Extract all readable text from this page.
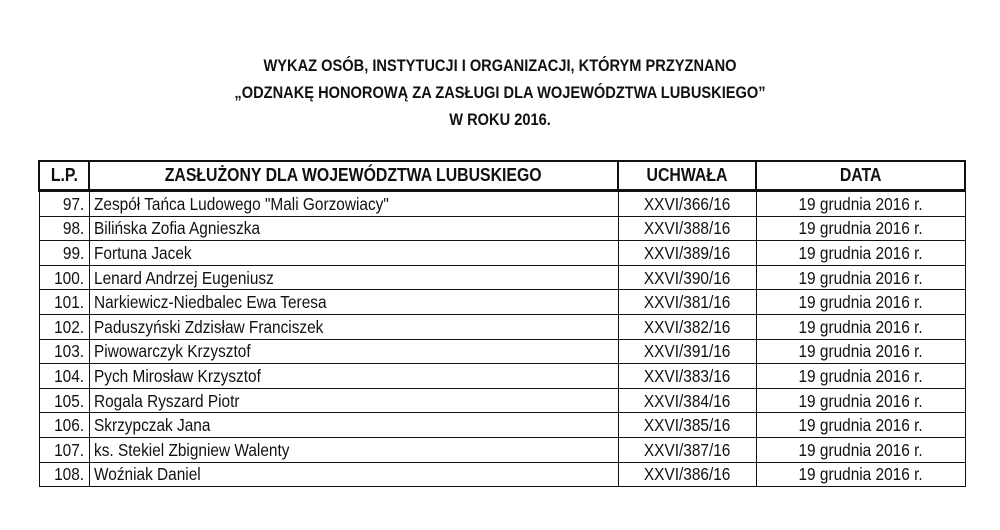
WYKAZ OSÓB, INSTYTUCJI I ORGANIZACJI, KTÓRYM PRZYZNANO
„ODZNAKĘ HONOROWĄ ZA ZASŁUGI DLA WOJEWÓDZTWA LUBUSKIEGO”
W ROKU 2016.
L.P.	ZASŁUŻONY DLA WOJEWÓDZTWA LUBUSKIEGO	UCHWAŁA	DATA
97.	Zespół Tańca Ludowego "Mali Gorzowiacy"	XXVI/366/16	19 grudnia 2016 r.
98.	Bilińska Zofia Agnieszka	XXVI/388/16	19 grudnia 2016 r.
99.	Fortuna Jacek	XXVI/389/16	19 grudnia 2016 r.
100.	Lenard Andrzej Eugeniusz	XXVI/390/16	19 grudnia 2016 r.
101.	Narkiewicz-Niedbalec Ewa Teresa	XXVI/381/16	19 grudnia 2016 r.
102.	Paduszyński Zdzisław Franciszek	XXVI/382/16	19 grudnia 2016 r.
103.	Piwowarczyk Krzysztof	XXVI/391/16	19 grudnia 2016 r.
104.	Pych Mirosław Krzysztof	XXVI/383/16	19 grudnia 2016 r.
105.	Rogala Ryszard Piotr	XXVI/384/16	19 grudnia 2016 r.
106.	Skrzypczak Jana	XXVI/385/16	19 grudnia 2016 r.
107.	ks. Stekiel Zbigniew Walenty	XXVI/387/16	19 grudnia 2016 r.
108.	Woźniak Daniel	XXVI/386/16	19 grudnia 2016 r.
